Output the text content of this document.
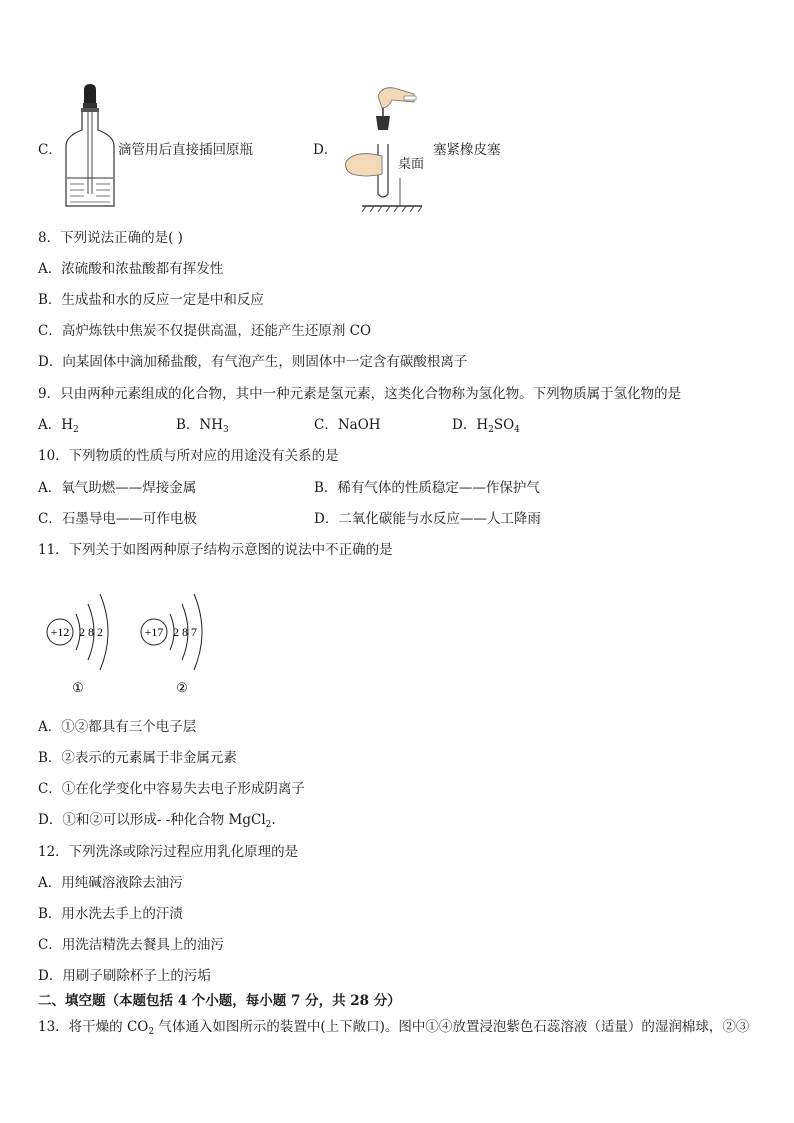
C．	滴管用后直接插回原瓶	D．
桌面
塞紧橡皮塞
8．下列说法正确的是( )
A．浓硫酸和浓盐酸都有挥发性
B．生成盐和水的反应一定是中和反应
C．高炉炼铁中焦炭不仅提供高温，还能产生还原剂 CO
D．向某固体中滴加稀盐酸，有气泡产生，则固体中一定含有碳酸根离子
9．只由两种元素组成的化合物，其中一种元素是氢元素，这类化合物称为氢化物。下列物质属于氢化物的是
A．$H_2$	B．$NH_3$	C．NaOH	D．$H_2SO_4$
10．下列物质的性质与所对应的用途没有关系的是
A．氧气助燃——焊接金属	B．稀有气体的性质稳定——作保护气
C．石墨导电——可作电极	D．二氧化碳能与水反应——人工降雨
11．下列关于如图两种原子结构示意图的说法中不正确的是
+12 2 8 2
①
+17 2 8 7
②
A．①②都具有三个电子层
B．②表示的元素属于非金属元素
C．①在化学变化中容易失去电子形成阴离子
D．①和②可以形成- -种化合物 MgCl$_2$.
12．下列洗涤或除污过程应用乳化原理的是
A．用纯碱溶液除去油污
B．用水洗去手上的汗渍
C．用洗洁精洗去餐具上的油污
D．用刷子刷除杯子上的污垢
二、填空题（本题包括 4 个小题，每小题 7 分，共 28 分）
13．将干燥的 $CO_2$ 气体通入如图所示的装置中(上下敞口)。图中①④放置浸泡紫色石蕊溶液（适量）的湿润棉球，②③
